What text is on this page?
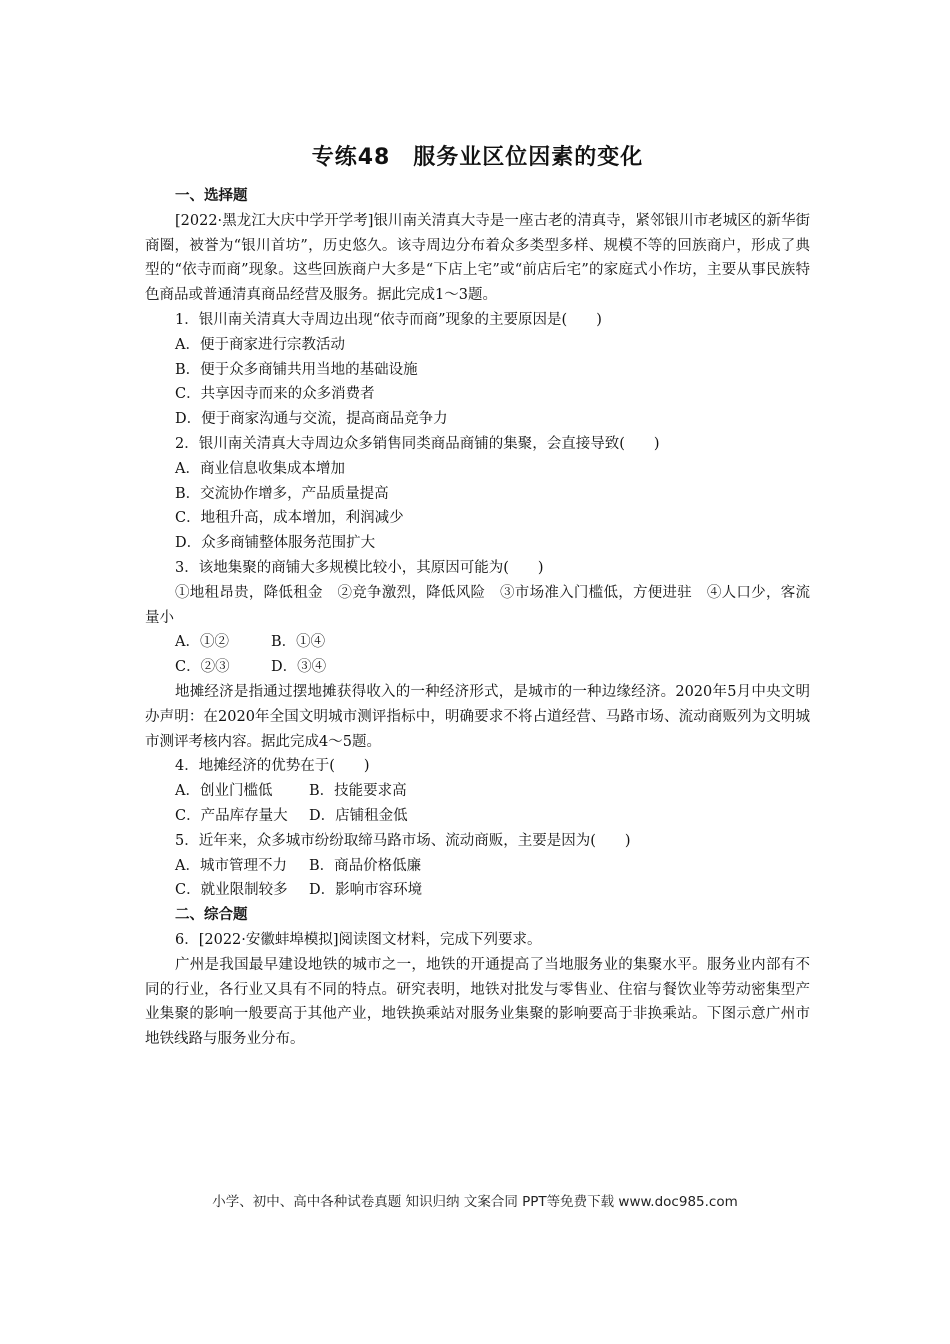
专练48　服务业区位因素的变化
一、选择题

[2022·黑龙江大庆中学开学考]银川南关清真大寺是一座古老的清真寺，紧邻银川市老城区的新华街商圈，被誉为“银川首坊”，历史悠久。该寺周边分布着众多类型多样、规模不等的回族商户，形成了典型的“依寺而商”现象。这些回族商户大多是“下店上宅”或“前店后宅”的家庭式小作坊，主要从事民族特色商品或普通清真商品经营及服务。据此完成1～3题。

1．银川南关清真大寺周边出现“依寺而商”现象的主要原因是(　　)
A．便于商家进行宗教活动
B．便于众多商铺共用当地的基础设施
C．共享因寺而来的众多消费者
D．便于商家沟通与交流，提高商品竞争力
2．银川南关清真大寺周边众多销售同类商品商铺的集聚，会直接导致(　　)
A．商业信息收集成本增加
B．交流协作增多，产品质量提高
C．地租升高，成本增加，利润减少
D．众多商铺整体服务范围扩大
3．该地集聚的商铺大多规模比较小，其原因可能为(　　)

①地租昂贵，降低租金　②竞争激烈，降低风险　③市场准入门槛低，方便进驻　④人口少，客流量小

A．①②	B．①④
C．②③	D．③④

地摊经济是指通过摆地摊获得收入的一种经济形式，是城市的一种边缘经济。2020年5月中央文明办声明：在2020年全国文明城市测评指标中，明确要求不将占道经营、马路市场、流动商贩列为文明城市测评考核内容。据此完成4～5题。

4．地摊经济的优势在于(　　)
A．创业门槛低	B．技能要求高
C．产品库存量大	D．店铺租金低
5．近年来，众多城市纷纷取缔马路市场、流动商贩，主要是因为(　　)
A．城市管理不力	B．商品价格低廉
C．就业限制较多	D．影响市容环境
二、综合题
6．[2022·安徽蚌埠模拟]阅读图文材料，完成下列要求。

广州是我国最早建设地铁的城市之一，地铁的开通提高了当地服务业的集聚水平。服务业内部有不同的行业，各行业又具有不同的特点。研究表明，地铁对批发与零售业、住宿与餐饮业等劳动密集型产业集聚的影响一般要高于其他产业，地铁换乘站对服务业集聚的影响要高于非换乘站。下图示意广州市地铁线路与服务业分布。

小学、初中、高中各种试卷真题 知识归纳 文案合同 PPT等免费下载 www.doc985.com
